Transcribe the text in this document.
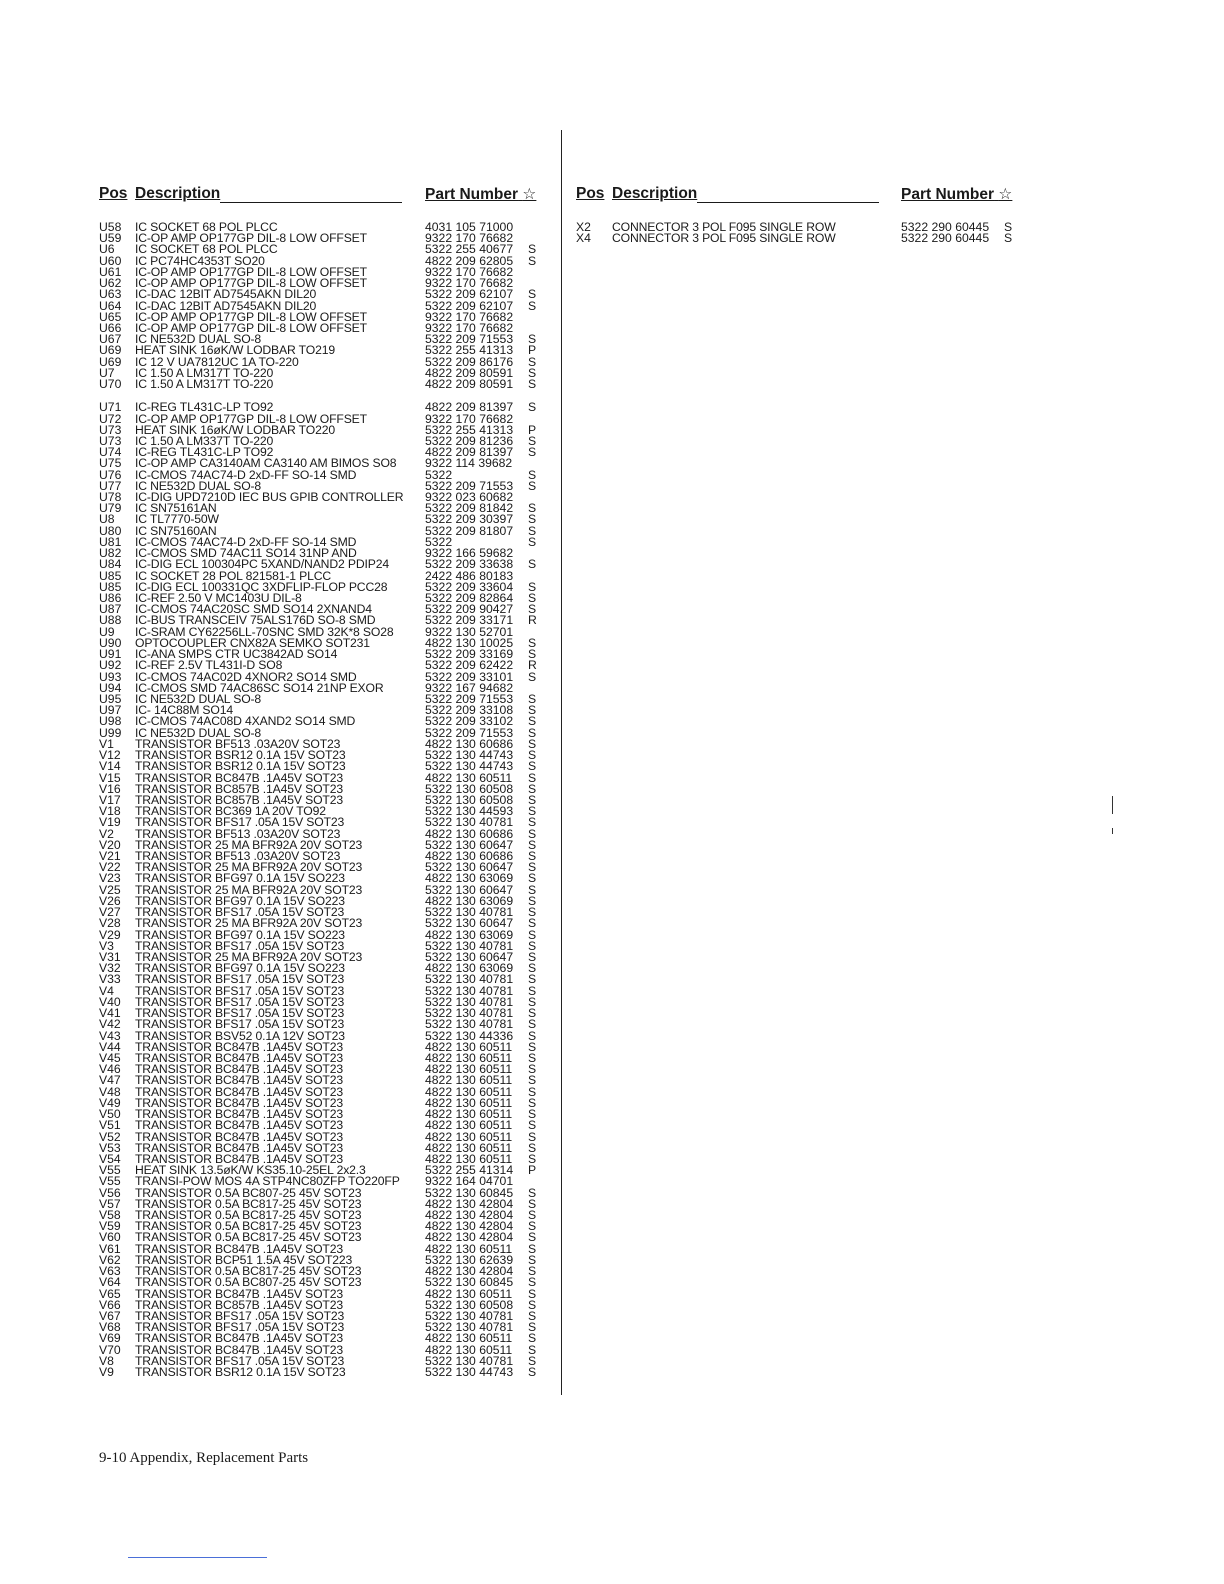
Pos Description	Part Number ☆
U58 IC SOCKET 68 POL PLCC	4031 105 71000
U59 IC-OP AMP OP177GP DIL-8 LOW OFFSET	9322 170 76682
U6 IC SOCKET 68 POL PLCC	5322 255 40677 S
U60 IC PC74HC4353T SO20	4822 209 62805 S
U61 IC-OP AMP OP177GP DIL-8 LOW OFFSET	9322 170 76682
U62 IC-OP AMP OP177GP DIL-8 LOW OFFSET	9322 170 76682
U63 IC-DAC 12BIT AD7545AKN DIL20	5322 209 62107 S
U64 IC-DAC 12BIT AD7545AKN DIL20	5322 209 62107 S
U65 IC-OP AMP OP177GP DIL-8 LOW OFFSET	9322 170 76682
U66 IC-OP AMP OP177GP DIL-8 LOW OFFSET	9322 170 76682
U67 IC NE532D DUAL SO-8	5322 209 71553 S
U69 HEAT SINK 16øK/W LODBAR TO219	5322 255 41313 P
U69 IC 12 V UA7812UC 1A TO-220	5322 209 86176 S
U7 IC 1.50 A LM317T TO-220	4822 209 80591 S
U70 IC 1.50 A LM317T TO-220	4822 209 80591 S
U71 IC-REG TL431C-LP TO92	4822 209 81397 S
U72 IC-OP AMP OP177GP DIL-8 LOW OFFSET	9322 170 76682
U73 HEAT SINK 16øK/W LODBAR TO220	5322 255 41313 P
U73 IC 1.50 A LM337T TO-220	5322 209 81236 S
U74 IC-REG TL431C-LP TO92	4822 209 81397 S
U75 IC-OP AMP CA3140AM CA3140 AM BIMOS SO8 9322 114 39682
U76 IC-CMOS 74AC74-D 2xD-FF SO-14 SMD	5322	S
U77 IC NE532D DUAL SO-8	5322 209 71553 S
U78 IC-DIG UPD7210D IEC BUS GPIB CONTROLLER 9322 023 60682
U79 IC SN75161AN	5322 209 81842 S
U8 IC TL7770-50W	5322 209 30397 S
U80 IC SN75160AN	5322 209 81807 S
U81 IC-CMOS 74AC74-D 2xD-FF SO-14 SMD	5322	S
U82 IC-CMOS SMD 74AC11 SO14 31NP AND	9322 166 59682
U84 IC-DIG ECL 100304PC 5XAND/NAND2 PDIP24	5322 209 33638 S
U85 IC SOCKET 28 POL 821581-1 PLCC	2422 486 80183
U85 IC-DIG ECL 100331QC 3XDFLIP-FLOP PCC28	5322 209 33604 S
U86 IC-REF 2.50 V MC1403U DIL-8	5322 209 82864 S
U87 IC-CMOS 74AC20SC SMD SO14 2XNAND4	5322 209 90427 S
U88 IC-BUS TRANSCEIV 75ALS176D SO-8 SMD	5322 209 33171 R
U9 IC-SRAM CY62256LL-70SNC SMD 32K*8 SO28	9322 130 52701
U90 OPTOCOUPLER CNX82A SEMKO SOT231	4822 130 10025 S
U91 IC-ANA SMPS CTR UC3842AD SO14	5322 209 33169 S
U92 IC-REF 2.5V TL431I-D SO8	5322 209 62422 R
U93 IC-CMOS 74AC02D 4XNOR2 SO14 SMD	5322 209 33101 S
U94 IC-CMOS SMD 74AC86SC SO14 21NP EXOR	9322 167 94682
U95 IC NE532D DUAL SO-8	5322 209 71553 S
U97 IC- 14C88M SO14	5322 209 33108 S
U98 IC-CMOS 74AC08D 4XAND2 SO14 SMD	5322 209 33102 S
U99 IC NE532D DUAL SO-8	5322 209 71553 S
V1 TRANSISTOR BF513 .03A20V SOT23	4822 130 60686 S
V12 TRANSISTOR BSR12 0.1A 15V SOT23	5322 130 44743 S
V14 TRANSISTOR BSR12 0.1A 15V SOT23	5322 130 44743 S
V15 TRANSISTOR BC847B .1A45V SOT23	4822 130 60511 S
V16 TRANSISTOR BC857B .1A45V SOT23	5322 130 60508 S
V17 TRANSISTOR BC857B .1A45V SOT23	5322 130 60508 S
V18 TRANSISTOR BC369 1A 20V TO92	5322 130 44593 S
V19 TRANSISTOR BFS17 .05A 15V SOT23	5322 130 40781 S
V2 TRANSISTOR BF513 .03A20V SOT23	4822 130 60686 S
V20 TRANSISTOR 25 MA BFR92A 20V SOT23	5322 130 60647 S
V21 TRANSISTOR BF513 .03A20V SOT23	4822 130 60686 S
V22 TRANSISTOR 25 MA BFR92A 20V SOT23	5322 130 60647 S
V23 TRANSISTOR BFG97 0.1A 15V SO223	4822 130 63069 S
V25 TRANSISTOR 25 MA BFR92A 20V SOT23	5322 130 60647 S
V26 TRANSISTOR BFG97 0.1A 15V SO223	4822 130 63069 S
V27 TRANSISTOR BFS17 .05A 15V SOT23	5322 130 40781 S
V28 TRANSISTOR 25 MA BFR92A 20V SOT23	5322 130 60647 S
V29 TRANSISTOR BFG97 0.1A 15V SO223	4822 130 63069 S
V3 TRANSISTOR BFS17 .05A 15V SOT23	5322 130 40781 S
V31 TRANSISTOR 25 MA BFR92A 20V SOT23	5322 130 60647 S
V32 TRANSISTOR BFG97 0.1A 15V SO223	4822 130 63069 S
V33 TRANSISTOR BFS17 .05A 15V SOT23	5322 130 40781 S
V4 TRANSISTOR BFS17 .05A 15V SOT23	5322 130 40781 S
V40 TRANSISTOR BFS17 .05A 15V SOT23	5322 130 40781 S
V41 TRANSISTOR BFS17 .05A 15V SOT23	5322 130 40781 S
V42 TRANSISTOR BFS17 .05A 15V SOT23	5322 130 40781 S
V43 TRANSISTOR BSV52 0.1A 12V SOT23	5322 130 44336 S
V44 TRANSISTOR BC847B .1A45V SOT23	4822 130 60511 S
V45 TRANSISTOR BC847B .1A45V SOT23	4822 130 60511 S
V46 TRANSISTOR BC847B .1A45V SOT23	4822 130 60511 S
V47 TRANSISTOR BC847B .1A45V SOT23	4822 130 60511 S
V48 TRANSISTOR BC847B .1A45V SOT23	4822 130 60511 S
V49 TRANSISTOR BC847B .1A45V SOT23	4822 130 60511 S
V50 TRANSISTOR BC847B .1A45V SOT23	4822 130 60511 S
V51 TRANSISTOR BC847B .1A45V SOT23	4822 130 60511 S
V52 TRANSISTOR BC847B .1A45V SOT23	4822 130 60511 S
V53 TRANSISTOR BC847B .1A45V SOT23	4822 130 60511 S
V54 TRANSISTOR BC847B .1A45V SOT23	4822 130 60511 S
V55 HEAT SINK 13.5øK/W KS35.10-25EL 2x2.3	5322 255 41314 P
V55 TRANSI-POW MOS 4A STP4NC80ZFP TO220FP 9322 164 04701
V56 TRANSISTOR 0.5A BC807-25 45V SOT23	5322 130 60845 S
V57 TRANSISTOR 0.5A BC817-25 45V SOT23	4822 130 42804 S
V58 TRANSISTOR 0.5A BC817-25 45V SOT23	4822 130 42804 S
V59 TRANSISTOR 0.5A BC817-25 45V SOT23	4822 130 42804 S
V60 TRANSISTOR 0.5A BC817-25 45V SOT23	4822 130 42804 S
V61 TRANSISTOR BC847B .1A45V SOT23	4822 130 60511 S
V62 TRANSISTOR BCP51 1.5A 45V SOT223	5322 130 62639 S
V63 TRANSISTOR 0.5A BC817-25 45V SOT23	4822 130 42804 S
V64 TRANSISTOR 0.5A BC807-25 45V SOT23	5322 130 60845 S
V65 TRANSISTOR BC847B .1A45V SOT23	4822 130 60511 S
V66 TRANSISTOR BC857B .1A45V SOT23	5322 130 60508 S
V67 TRANSISTOR BFS17 .05A 15V SOT23	5322 130 40781 S
V68 TRANSISTOR BFS17 .05A 15V SOT23	5322 130 40781 S
V69 TRANSISTOR BC847B .1A45V SOT23	4822 130 60511 S
V70 TRANSISTOR BC847B .1A45V SOT23	4822 130 60511 S
V8 TRANSISTOR BFS17 .05A 15V SOT23	5322 130 40781 S
V9 TRANSISTOR BSR12 0.1A 15V SOT23	5322 130 44743 S
Pos Description	Part Number ☆
X2 CONNECTOR 3 POL F095 SINGLE ROW	5322 290 60445 S
X4 CONNECTOR 3 POL F095 SINGLE ROW	5322 290 60445 S
9-10 Appendix, Replacement Parts
